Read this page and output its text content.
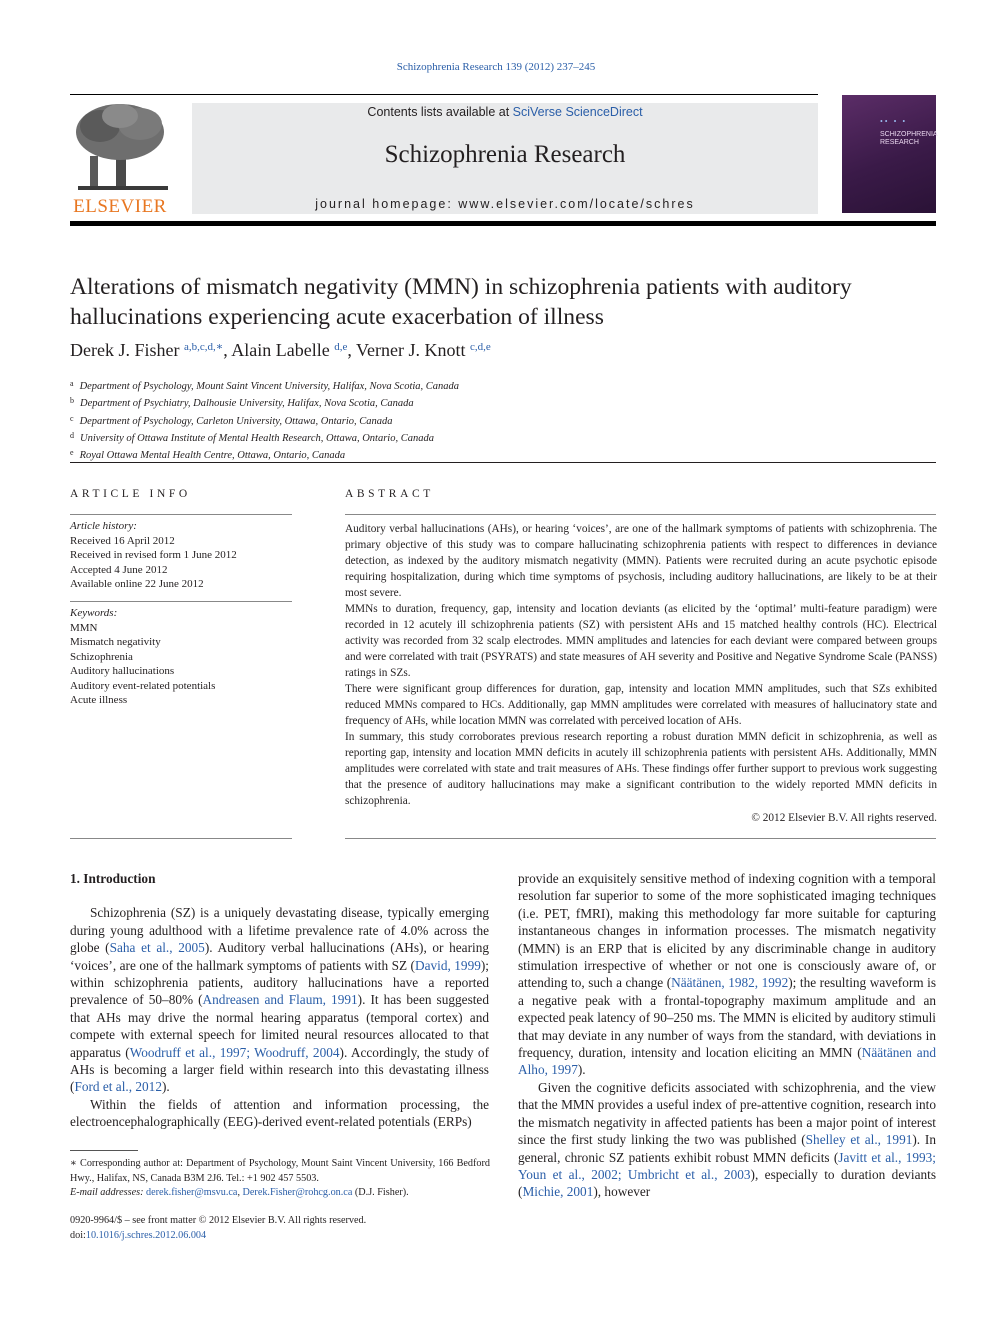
Schizophrenia Research 139 (2012) 237–245
ELSEVIER
Contents lists available at SciVerse ScienceDirect
Schizophrenia Research
journal homepage: www.elsevier.com/locate/schres
•• • •
SCHIZOPHRENIA RESEARCH
Alterations of mismatch negativity (MMN) in schizophrenia patients with auditory hallucinations experiencing acute exacerbation of illness
Derek J. Fisher $^{a,b,c,d,∗}$, Alain Labelle $^{d,e}$, Verner J. Knott $^{c,d,e}$
$^a$ Department of Psychology, Mount Saint Vincent University, Halifax, Nova Scotia, Canada
$^b$ Department of Psychiatry, Dalhousie University, Halifax, Nova Scotia, Canada
$^c$ Department of Psychology, Carleton University, Ottawa, Ontario, Canada
$^d$ University of Ottawa Institute of Mental Health Research, Ottawa, Ontario, Canada
$^e$ Royal Ottawa Mental Health Centre, Ottawa, Ontario, Canada
ARTICLE INFO
Article history:
Received 16 April 2012
Received in revised form 1 June 2012
Accepted 4 June 2012
Available online 22 June 2012
Keywords:
MMN
Mismatch negativity
Schizophrenia
Auditory hallucinations
Auditory event-related potentials
Acute illness
ABSTRACT

Auditory verbal hallucinations (AHs), or hearing ‘voices’, are one of the hallmark symptoms of patients with schizophrenia. The primary objective of this study was to compare hallucinating schizophrenia patients with respect to differences in deviance detection, as indexed by the auditory mismatch negativity (MMN). Patients were recruited during an acute psychotic episode requiring hospitalization, during which time symptoms of psychosis, including auditory hallucinations, are likely to be at their most severe.

MMNs to duration, frequency, gap, intensity and location deviants (as elicited by the ‘optimal’ multi-feature paradigm) were recorded in 12 acutely ill schizophrenia patients (SZ) with persistent AHs and 15 matched healthy controls (HC). Electrical activity was recorded from 32 scalp electrodes. MMN amplitudes and latencies for each deviant were compared between groups and were correlated with trait (PSYRATS) and state measures of AH severity and Positive and Negative Syndrome Scale (PANSS) ratings in SZs.

There were significant group differences for duration, gap, intensity and location MMN amplitudes, such that SZs exhibited reduced MMNs compared to HCs. Additionally, gap MMN amplitudes were correlated with measures of hallucinatory state and frequency of AHs, while location MMN was correlated with perceived location of AHs.

In summary, this study corroborates previous research reporting a robust duration MMN deficit in schizophrenia, as well as reporting gap, intensity and location MMN deficits in acutely ill schizophrenia patients with persistent AHs. Additionally, MMN amplitudes were correlated with state and trait measures of AHs. These findings offer further support to previous work suggesting that the presence of auditory hallucinations may make a significant contribution to the widely reported MMN deficits in schizophrenia.

© 2012 Elsevier B.V. All rights reserved.
1. Introduction

Schizophrenia (SZ) is a uniquely devastating disease, typically emerging during young adulthood with a lifetime prevalence rate of 4.0% across the globe (Saha et al., 2005). Auditory verbal hallucinations (AHs), or hearing ‘voices’, are one of the hallmark symptoms of patients with SZ (David, 1999); within schizophrenia patients, auditory hallucinations have a reported prevalence of 50–80% (Andreasen and Flaum, 1991). It has been suggested that AHs may drive the normal hearing apparatus (temporal cortex) and compete with external speech for limited neural resources allocated to that apparatus (Woodruff et al., 1997; Woodruff, 2004). Accordingly, the study of AHs is becoming a larger field within research into this devastating illness (Ford et al., 2012).

Within the fields of attention and information processing, the electroencephalographically (EEG)-derived event-related potentials (ERPs)

provide an exquisitely sensitive method of indexing cognition with a temporal resolution far superior to some of the more sophisticated imaging techniques (i.e. PET, fMRI), making this methodology far more suitable for capturing instantaneous changes in information processes. The mismatch negativity (MMN) is an ERP that is elicited by any discriminable change in auditory stimulation irrespective of whether or not one is consciously aware of, or attending to, such a change (Näätänen, 1982, 1992); the resulting waveform is a negative peak with a frontal-topography maximum amplitude and an expected peak latency of 90–250 ms. The MMN is elicited by auditory stimuli that may deviate in any number of ways from the standard, with deviations in frequency, duration, intensity and location eliciting an MMN (Näätänen and Alho, 1997).

Given the cognitive deficits associated with schizophrenia, and the view that the MMN provides a useful index of pre-attentive cognition, research into the mismatch negativity in affected patients has been a major point of interest since the first study linking the two was published (Shelley et al., 1991). In general, chronic SZ patients exhibit robust MMN deficits (Javitt et al., 1993; Youn et al., 2002; Umbricht et al., 2003), especially to duration deviants (Michie, 2001), however

∗ Corresponding author at: Department of Psychology, Mount Saint Vincent University, 166 Bedford Hwy., Halifax, NS, Canada B3M 2J6. Tel.: +1 902 457 5503.
E-mail addresses: derek.fisher@msvu.ca, Derek.Fisher@rohcg.on.ca (D.J. Fisher).
0920-9964/$ – see front matter © 2012 Elsevier B.V. All rights reserved.
doi:10.1016/j.schres.2012.06.004
